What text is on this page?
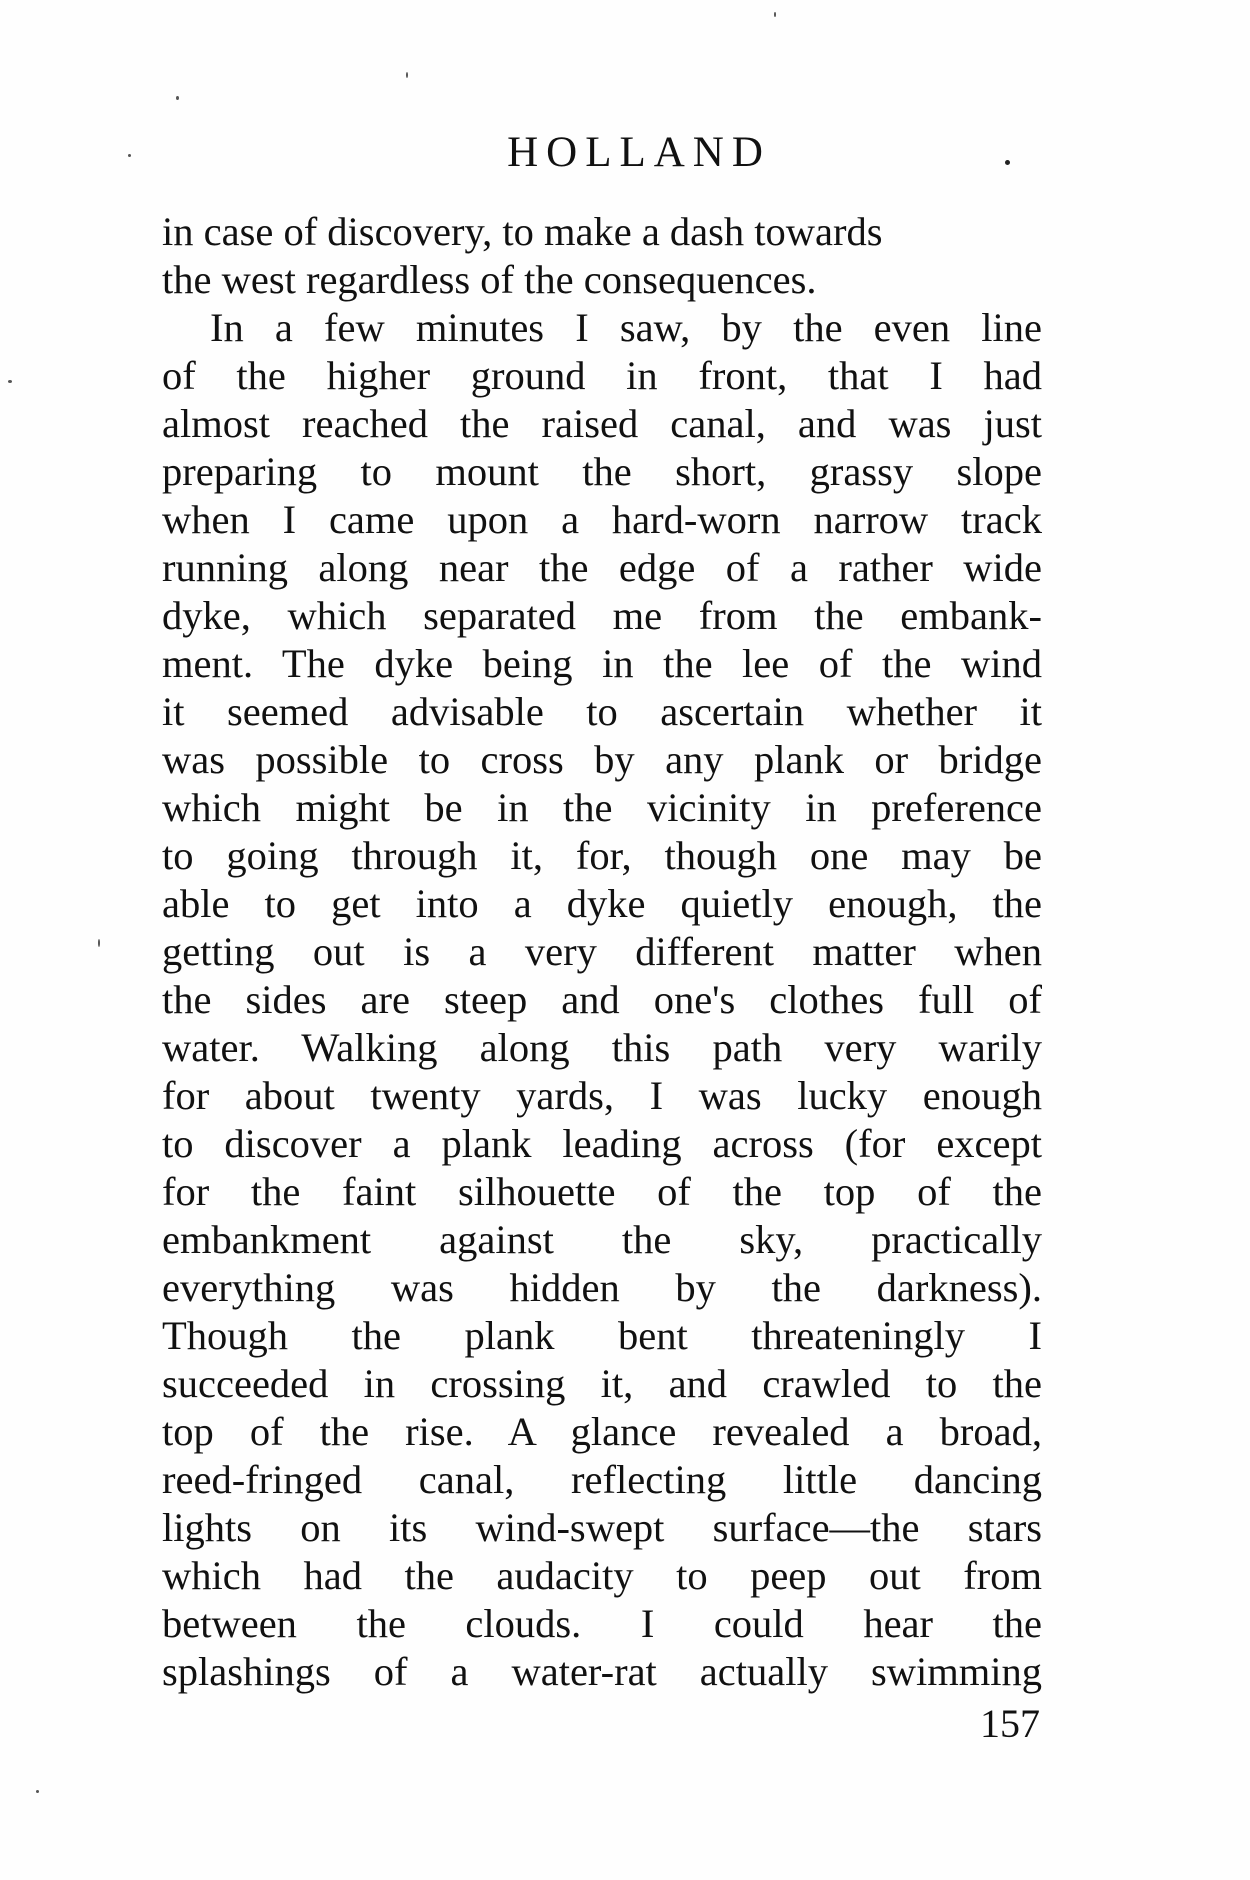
HOLLAND
in case of discovery, to make a dash towards
the west regardless of the consequences.
In a few minutes I saw, by the even line
of the higher ground in front, that I had
almost reached the raised canal, and was just
preparing to mount the short, grassy slope
when I came upon a hard-worn narrow track
running along near the edge of a rather wide
dyke, which separated me from the embank-
ment. The dyke being in the lee of the wind
it seemed advisable to ascertain whether it
was possible to cross by any plank or bridge
which might be in the vicinity in preference
to going through it, for, though one may be
able to get into a dyke quietly enough, the
getting out is a very different matter when
the sides are steep and one's clothes full of
water. Walking along this path very warily
for about twenty yards, I was lucky enough
to discover a plank leading across (for except
for the faint silhouette of the top of the
embankment against the sky, practically
everything was hidden by the darkness).
Though the plank bent threateningly I
succeeded in crossing it, and crawled to the
top of the rise. A glance revealed a broad,
reed-fringed canal, reflecting little dancing
lights on its wind-swept surface—the stars
which had the audacity to peep out from
between the clouds. I could hear the
splashings of a water-rat actually swimming
157
